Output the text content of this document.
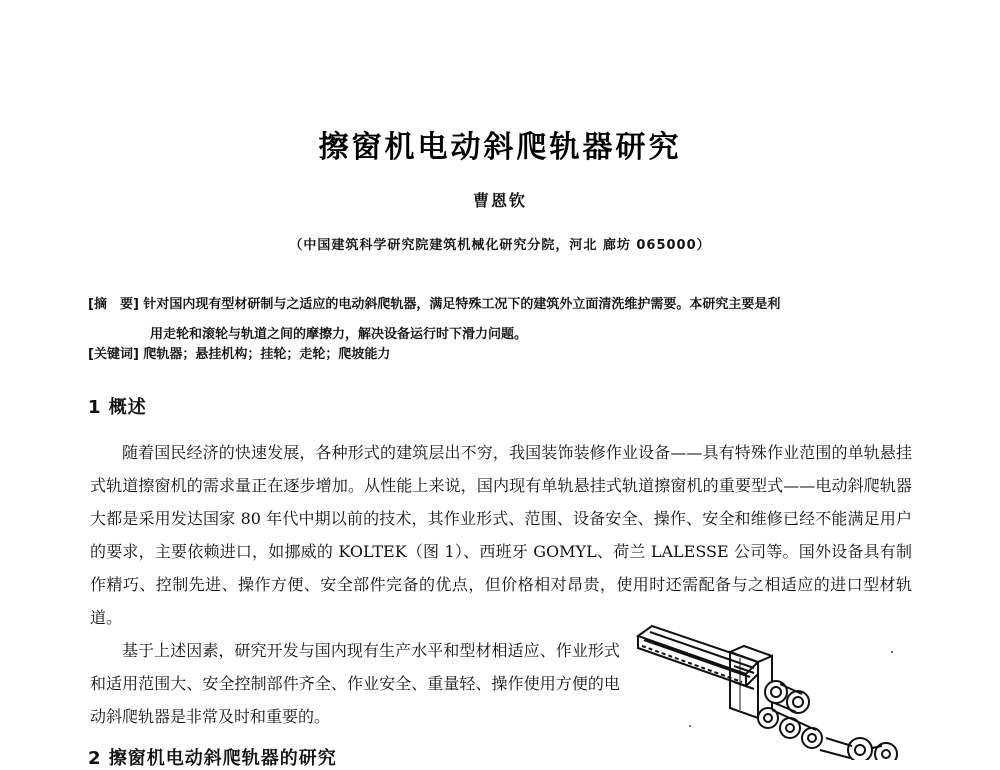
擦窗机电动斜爬轨器研究
曹恩钦
（中国建筑科学研究院建筑机械化研究分院，河北 廊坊 065000）
[摘　要] 针对国内现有型材研制与之适应的电动斜爬轨器，满足特殊工况下的建筑外立面清洗维护需要。本研究主要是利
用走轮和滚轮与轨道之间的摩擦力，解决设备运行时下滑力问题。
[关键词] 爬轨器；悬挂机构；挂轮；走轮；爬坡能力
1 概述

随着国民经济的快速发展，各种形式的建筑层出不穷，我国装饰装修作业设备——具有特殊作业范围的单轨悬挂式轨道擦窗机的需求量正在逐步增加。从性能上来说，国内现有单轨悬挂式轨道擦窗机的重要型式——电动斜爬轨器大都是采用发达国家 80 年代中期以前的技术，其作业形式、范围、设备安全、操作、安全和维修已经不能满足用户的要求，主要依赖进口，如挪威的 KOLTEK（图 1）、西班牙 GOMYL、荷兰 LALESSE 公司等。国外设备具有制作精巧、控制先进、操作方便、安全部件完备的优点，但价格相对昂贵，使用时还需配备与之相适应的进口型材轨道。

基于上述因素，研究开发与国内现有生产水平和型材相适应、作业形式和适用范围大、安全控制部件齐全、作业安全、重量轻、操作使用方便的电动斜爬轨器是非常及时和重要的。

2 擦窗机电动斜爬轨器的研究
